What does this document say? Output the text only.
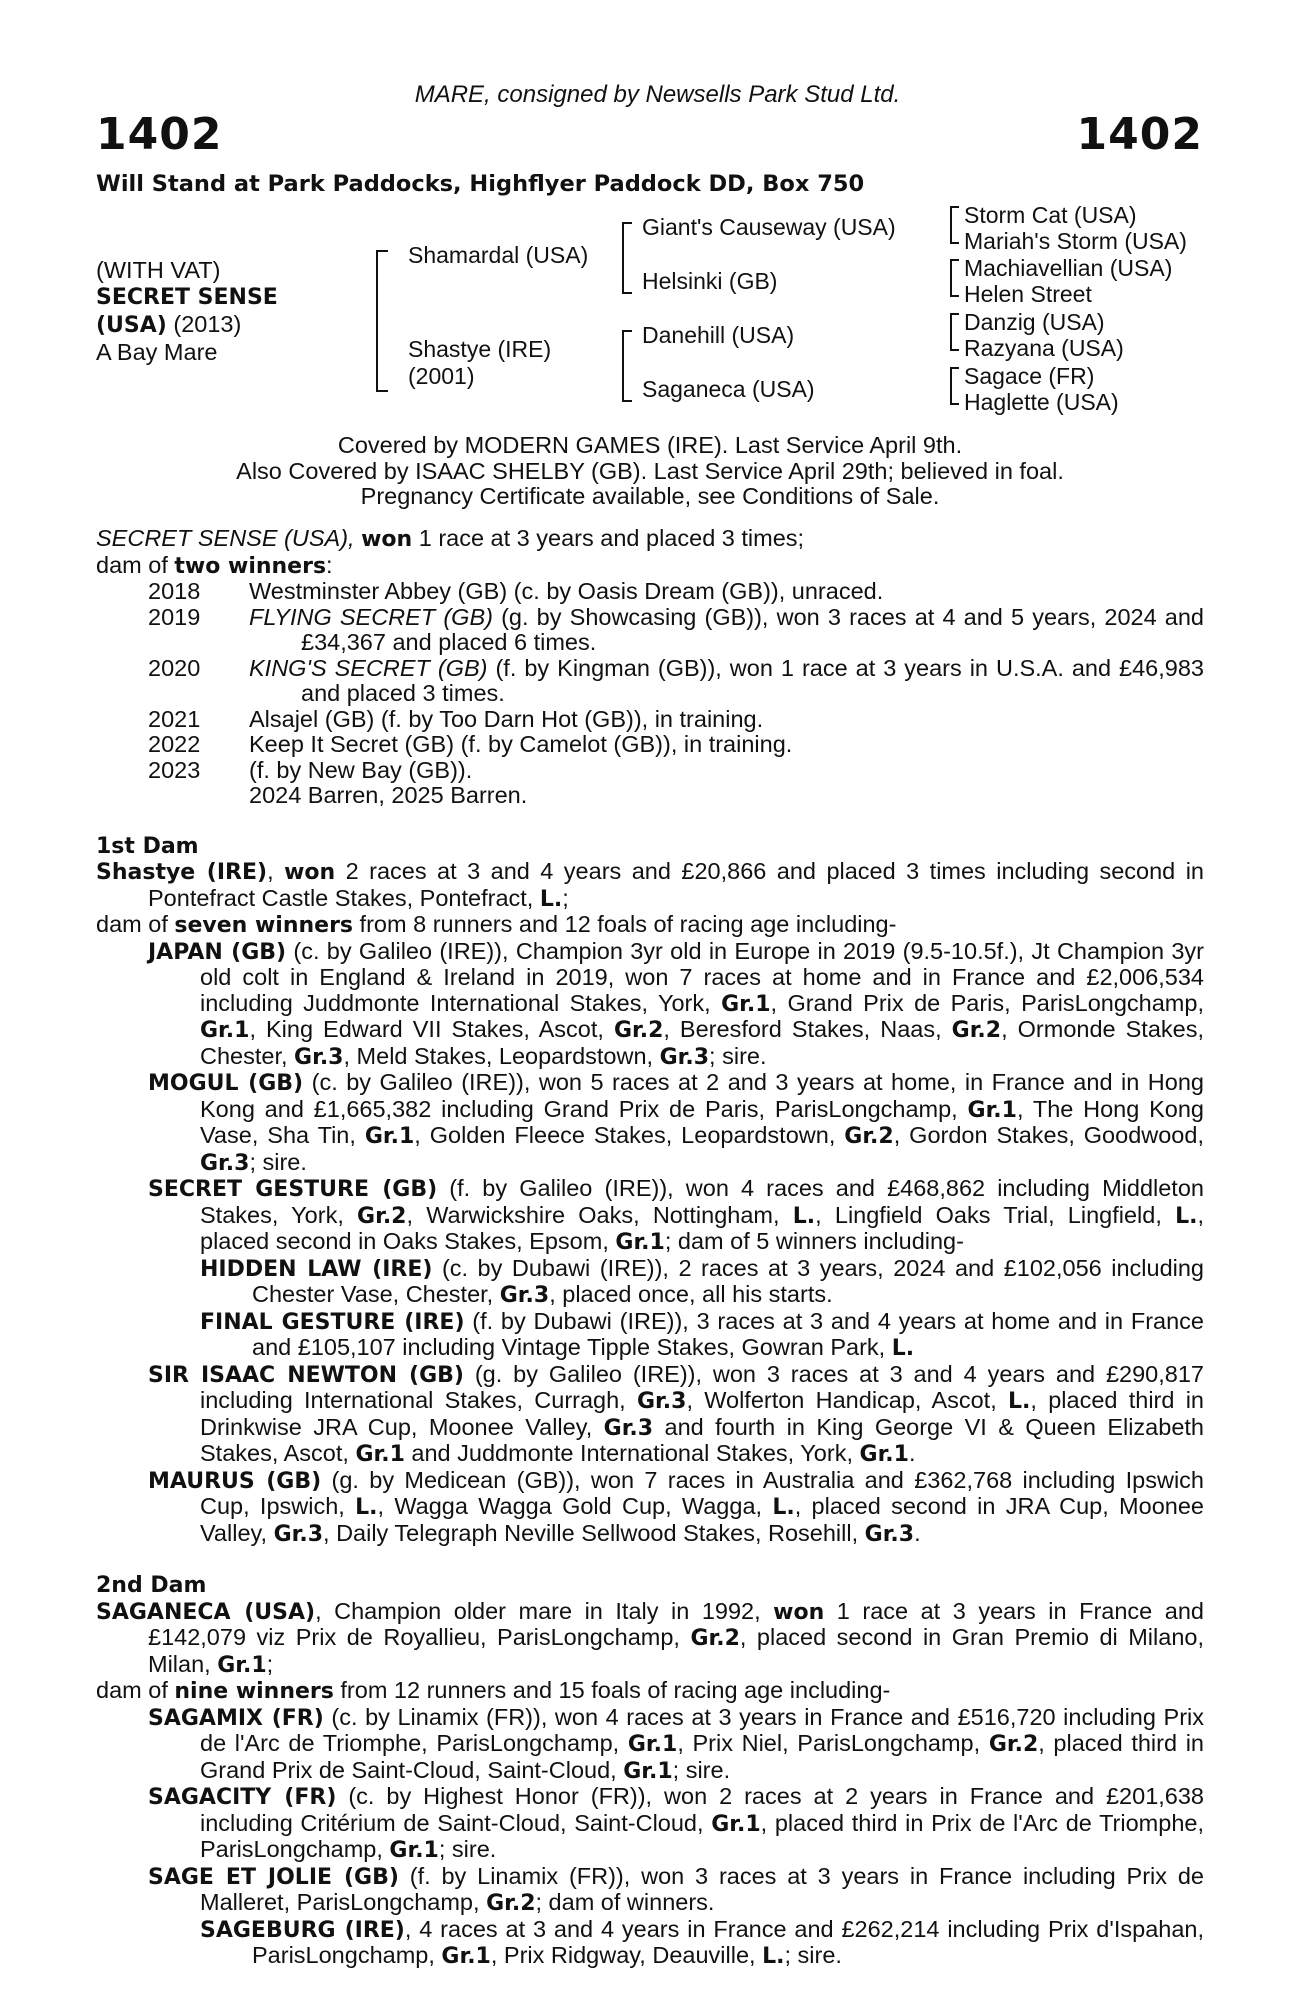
MARE, consigned by Newsells Park Stud Ltd.
1402	1402
Will Stand at Park Paddocks, Highflyer Paddock DD, Box 750
(WITH VAT)
SECRET SENSE
(USA) (2013)
A Bay Mare
Shamardal (USA)
Shastye (IRE)
(2001)
Giant's Causeway (USA)
Helsinki (GB)
Danehill (USA)
Saganeca (USA)
Storm Cat (USA)
Mariah's Storm (USA)
Machiavellian (USA)
Helen Street
Danzig (USA)
Razyana (USA)
Sagace (FR)
Haglette (USA)
Covered by MODERN GAMES (IRE). Last Service April 9th.
Also Covered by ISAAC SHELBY (GB). Last Service April 29th; believed in foal.
Pregnancy Certificate available, see Conditions of Sale.

SECRET SENSE (USA), won 1 race at 3 years and placed 3 times;

dam of two winners:

2018 Westminster Abbey (GB) (c. by Oasis Dream (GB)), unraced.
2019 FLYING SECRET (GB) (g. by Showcasing (GB)), won 3 races at 4 and 5 years, 2024 and £34,367 and placed 6 times.
2020 KING'S SECRET (GB) (f. by Kingman (GB)), won 1 race at 3 years in U.S.A. and £46,983 and placed 3 times.
2021 Alsajel (GB) (f. by Too Darn Hot (GB)), in training.
2022 Keep It Secret (GB) (f. by Camelot (GB)), in training.
2023 (f. by New Bay (GB)).
2024 Barren, 2025 Barren.
1st Dam

Shastye (IRE), won 2 races at 3 and 4 years and £20,866 and placed 3 times including second in Pontefract Castle Stakes, Pontefract, L.;

dam of seven winners from 8 runners and 12 foals of racing age including-

JAPAN (GB) (c. by Galileo (IRE)), Champion 3yr old in Europe in 2019 (9.5-10.5f.), Jt Champion 3yr old colt in England & Ireland in 2019, won 7 races at home and in France and £2,006,534 including Juddmonte International Stakes, York, Gr.1, Grand Prix de Paris, ParisLongchamp, Gr.1, King Edward VII Stakes, Ascot, Gr.2, Beresford Stakes, Naas, Gr.2, Ormonde Stakes, Chester, Gr.3, Meld Stakes, Leopardstown, Gr.3; sire.

MOGUL (GB) (c. by Galileo (IRE)), won 5 races at 2 and 3 years at home, in France and in Hong Kong and £1,665,382 including Grand Prix de Paris, ParisLongchamp, Gr.1, The Hong Kong Vase, Sha Tin, Gr.1, Golden Fleece Stakes, Leopardstown, Gr.2, Gordon Stakes, Goodwood, Gr.3; sire.

SECRET GESTURE (GB) (f. by Galileo (IRE)), won 4 races and £468,862 including Middleton Stakes, York, Gr.2, Warwickshire Oaks, Nottingham, L., Lingfield Oaks Trial, Lingfield, L., placed second in Oaks Stakes, Epsom, Gr.1; dam of 5 winners including-

HIDDEN LAW (IRE) (c. by Dubawi (IRE)), 2 races at 3 years, 2024 and £102,056 including Chester Vase, Chester, Gr.3, placed once, all his starts.

FINAL GESTURE (IRE) (f. by Dubawi (IRE)), 3 races at 3 and 4 years at home and in France and £105,107 including Vintage Tipple Stakes, Gowran Park, L.

SIR ISAAC NEWTON (GB) (g. by Galileo (IRE)), won 3 races at 3 and 4 years and £290,817 including International Stakes, Curragh, Gr.3, Wolferton Handicap, Ascot, L., placed third in Drinkwise JRA Cup, Moonee Valley, Gr.3 and fourth in King George VI & Queen Elizabeth Stakes, Ascot, Gr.1 and Juddmonte International Stakes, York, Gr.1.

MAURUS (GB) (g. by Medicean (GB)), won 7 races in Australia and £362,768 including Ipswich Cup, Ipswich, L., Wagga Wagga Gold Cup, Wagga, L., placed second in JRA Cup, Moonee Valley, Gr.3, Daily Telegraph Neville Sellwood Stakes, Rosehill, Gr.3.

2nd Dam

SAGANECA (USA), Champion older mare in Italy in 1992, won 1 race at 3 years in France and £142,079 viz Prix de Royallieu, ParisLongchamp, Gr.2, placed second in Gran Premio di Milano, Milan, Gr.1;

dam of nine winners from 12 runners and 15 foals of racing age including-

SAGAMIX (FR) (c. by Linamix (FR)), won 4 races at 3 years in France and £516,720 including Prix de l'Arc de Triomphe, ParisLongchamp, Gr.1, Prix Niel, ParisLongchamp, Gr.2, placed third in Grand Prix de Saint-Cloud, Saint-Cloud, Gr.1; sire.

SAGACITY (FR) (c. by Highest Honor (FR)), won 2 races at 2 years in France and £201,638 including Critérium de Saint-Cloud, Saint-Cloud, Gr.1, placed third in Prix de l'Arc de Triomphe, ParisLongchamp, Gr.1; sire.

SAGE ET JOLIE (GB) (f. by Linamix (FR)), won 3 races at 3 years in France including Prix de Malleret, ParisLongchamp, Gr.2; dam of winners.

SAGEBURG (IRE), 4 races at 3 and 4 years in France and £262,214 including Prix d'Ispahan, ParisLongchamp, Gr.1, Prix Ridgway, Deauville, L.; sire.
